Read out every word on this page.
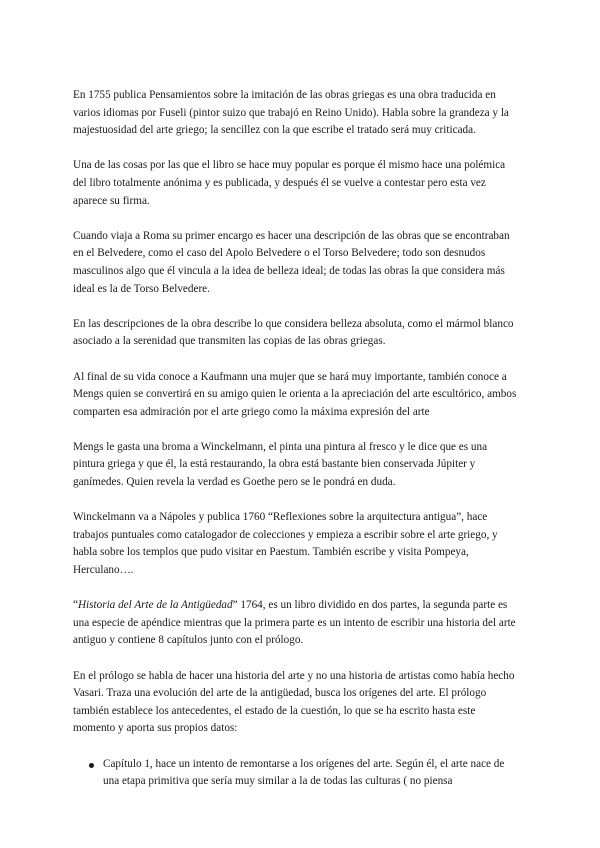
En 1755 publica Pensamientos sobre la imitación de las obras griegas es una obra traducida en varios idiomas por Fuseli (pintor suizo que trabajó en Reino Unido). Habla sobre la grandeza y la majestuosidad del arte griego; la sencillez con la que escribe el tratado será muy criticada.

Una de las cosas por las que el libro se hace muy popular es porque él mismo hace una polémica del libro totalmente anónima y es publicada, y después él se vuelve a contestar pero esta vez aparece su firma.

Cuando viaja a Roma su primer encargo es hacer una descripción de las obras que se encontraban en el Belvedere, como el caso del Apolo Belvedere o el Torso Belvedere; todo son desnudos masculinos algo que él vincula a la idea de belleza ideal; de todas las obras la que considera más ideal es la de Torso Belvedere.

En las descripciones de la obra describe lo que considera belleza absoluta, como el mármol blanco asociado a la serenidad que transmiten las copias de las obras griegas.

Al final de su vida conoce a Kaufmann una mujer que se hará muy importante, también conoce a Mengs quien se convertirá en su amigo quien le orienta a la apreciación del arte escultórico, ambos comparten esa admiración por el arte griego como la máxima expresión del arte

Mengs le gasta una broma a Winckelmann, el pinta una pintura al fresco y le dice que es una pintura griega y que él, la está restaurando, la obra está bastante bien conservada Júpiter y ganímedes. Quien revela la verdad es Goethe pero se le pondrá en duda.

Winckelmann va a Nápoles y publica 1760 “Reflexiones sobre la arquitectura antigua”, hace trabajos puntuales como catalogador de colecciones y empieza a escribir sobre el arte griego, y habla sobre los templos que pudo visitar en Paestum. También escribe y visita Pompeya, Herculano….

“Historia del Arte de la Antigüedad” 1764, es un libro dividido en dos partes, la segunda parte es una especie de apéndice mientras que la primera parte es un intento de escribir una historia del arte antiguo y contiene 8 capítulos junto con el prólogo.

En el prólogo se habla de hacer una historia del arte y no una historia de artistas como había hecho Vasari. Traza una evolución del arte de la antigüedad, busca los orígenes del arte. El prólogo también establece los antecedentes, el estado de la cuestión, lo que se ha escrito hasta este momento y aporta sus propios datos:

Capítulo 1, hace un intento de remontarse a los orígenes del arte. Según él, el arte nace de una etapa primitiva que sería muy similar a la de todas las culturas ( no piensa
